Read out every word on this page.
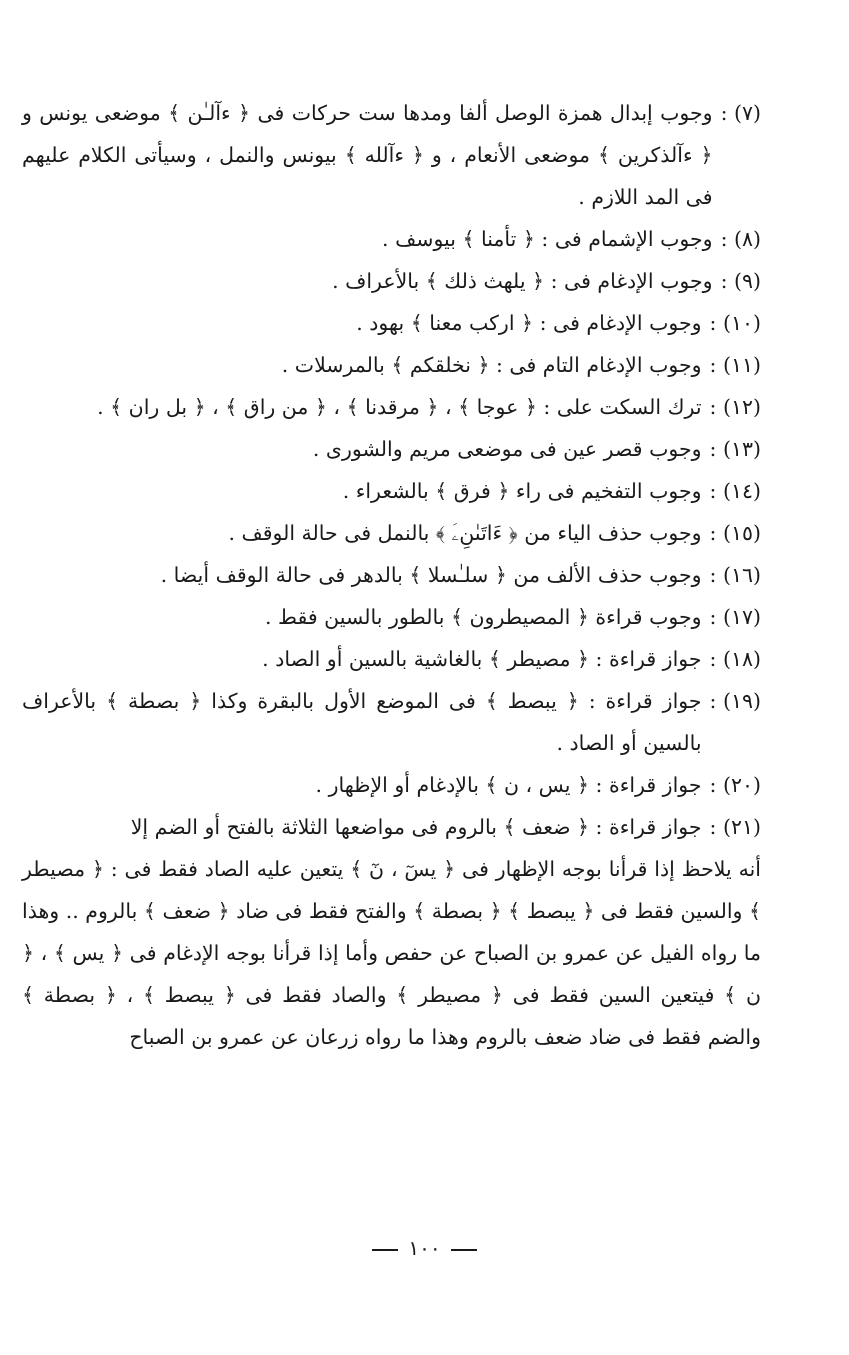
(٧) :
وجوب إبدال همزة الوصل ألفا ومدها ست حركات فى ﴿ ءآلـٰن ﴾ موضعى يونس و ﴿ ءآلذكرين ﴾ موضعى الأنعام ، و ﴿ ءآلله ﴾ بيونس والنمل ، وسيأتى الكلام عليهم فى المد اللازم .
(٨) :
وجوب الإشمام فى : ﴿ تأمنا ﴾ بيوسف .
(٩) :
وجوب الإدغام فى : ﴿ يلهث ذلك ﴾ بالأعراف .
(١٠) :
وجوب الإدغام فى : ﴿ اركب معنا ﴾ بهود .
(١١) :
وجوب الإدغام التام فى : ﴿ نخلقكم ﴾ بالمرسلات .
(١٢) :
ترك السكت على : ﴿ عوجا ﴾ ، ﴿ مرقدنا ﴾ ، ﴿ من راق ﴾ ، ﴿ بل ران ﴾ .
(١٣) :
وجوب قصر عين فى موضعى مريم والشورى .
(١٤) :
وجوب التفخيم فى راء ﴿ فرق ﴾ بالشعراء .
(١٥) :
وجوب حذف الياء من ﴿ ءَاتَىٰنِۦَ ﴾ بالنمل فى حالة الوقف .
(١٦) :
وجوب حذف الألف من ﴿ سلـٰسلا ﴾ بالدهر فى حالة الوقف أيضا .
(١٧) :
وجوب قراءة ﴿ المصيطرون ﴾ بالطور بالسين فقط .
(١٨) :
جواز قراءة : ﴿ مصيطر ﴾ بالغاشية بالسين أو الصاد .
(١٩) :
جواز قراءة : ﴿ يبصط ﴾ فى الموضع الأول بالبقرة وكذا ﴿ بصطة ﴾ بالأعراف بالسين أو الصاد .
(٢٠) :
جواز قراءة : ﴿ يس ، ن ﴾ بالإدغام أو الإظهار .
(٢١) :
جواز قراءة : ﴿ ضعف ﴾ بالروم فى مواضعها الثلاثة بالفتح أو الضم إلا
أنه يلاحظ إذا قرأنا بوجه الإظهار فى ﴿ يسٓ ، نٓ ﴾ يتعين عليه الصاد فقط فى : ﴿ مصيطر ﴾ والسين فقط فى ﴿ يبصط ﴾ ﴿ بصطة ﴾ والفتح فقط فى ضاد ﴿ ضعف ﴾ بالروم .. وهذا ما رواه الفيل عن عمرو بن الصباح عن حفص وأما إذا قرأنا بوجه الإدغام فى ﴿ يس ﴾ ، ﴿ ن ﴾ فيتعين السين فقط فى ﴿ مصيطر ﴾ والصاد فقط فى ﴿ يبصط ﴾ ، ﴿ بصطة ﴾ والضم فقط فى ضاد ضعف بالروم وهذا ما رواه زرعان عن عمرو بن الصباح
١٠٠
